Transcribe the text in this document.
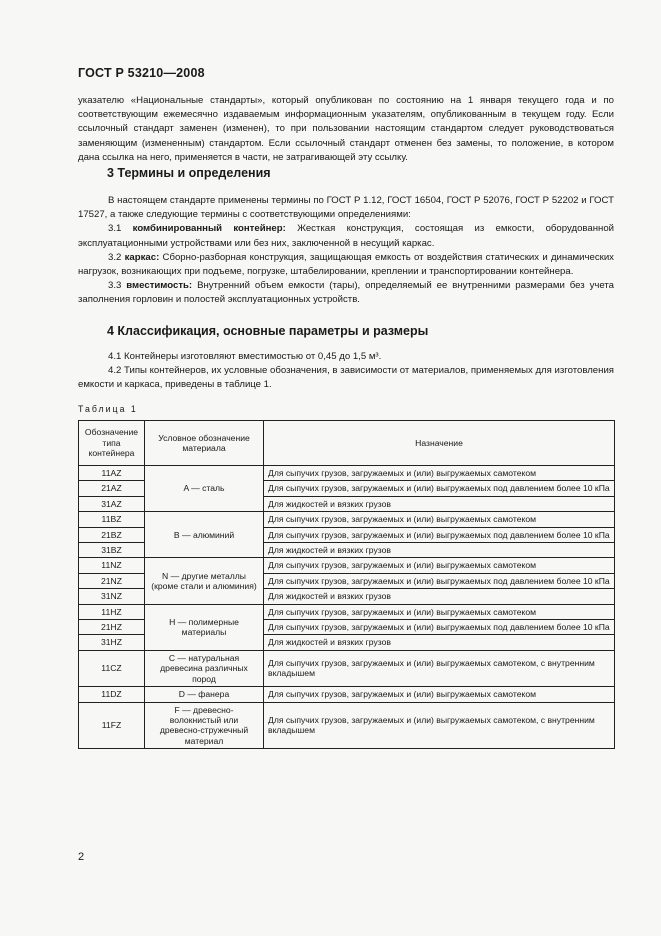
ГОСТ Р 53210—2008

указателю «Национальные стандарты», который опубликован по состоянию на 1 января текущего года и по соответствующим ежемесячно издаваемым информационным указателям, опубликованным в текущем году. Если ссылочный стандарт заменен (изменен), то при пользовании настоящим стандартом следует руководствоваться заменяющим (измененным) стандартом. Если ссылочный стандарт отменен без замены, то положение, в котором дана ссылка на него, применяется в части, не затрагивающей эту ссылку.

3 Термины и определения

В настоящем стандарте применены термины по ГОСТ Р 1.12, ГОСТ 16504, ГОСТ Р 52076, ГОСТ Р 52202 и ГОСТ 17527, а также следующие термины с соответствующими определениями:

3.1 комбинированный контейнер: Жесткая конструкция, состоящая из емкости, оборудованной эксплуатационными устройствами или без них, заключенной в несущий каркас.

3.2 каркас: Сборно-разборная конструкция, защищающая емкость от воздействия статических и динамических нагрузок, возникающих при подъеме, погрузке, штабелировании, креплении и транспортировании контейнера.

3.3 вместимость: Внутренний объем емкости (тары), определяемый ее внутренними размерами без учета заполнения горловин и полостей эксплуатационных устройств.

4 Классификация, основные параметры и размеры

4.1 Контейнеры изготовляют вместимостью от 0,45 до 1,5 м³.

4.2 Типы контейнеров, их условные обозначения, в зависимости от материалов, применяемых для изготовления емкости и каркаса, приведены в таблице 1.

Таблица 1
Обозначение типа контейнера	Условное обозначение материала	Назначение
11AZ	A — сталь	Для сыпучих грузов, загружаемых и (или) выгружаемых самотеком
21AZ		Для сыпучих грузов, загружаемых и (или) выгружаемых под давлением более 10 кПа
31AZ		Для жидкостей и вязких грузов
11BZ	B — алюминий	Для сыпучих грузов, загружаемых и (или) выгружаемых самотеком
21BZ		Для сыпучих грузов, загружаемых и (или) выгружаемых под давлением более 10 кПа
31BZ		Для жидкостей и вязких грузов
11NZ	N — другие металлы (кроме стали и алюминия)	Для сыпучих грузов, загружаемых и (или) выгружаемых самотеком
21NZ		Для сыпучих грузов, загружаемых и (или) выгружаемых под давлением более 10 кПа
31NZ		Для жидкостей и вязких грузов
11HZ	H — полимерные материалы	Для сыпучих грузов, загружаемых и (или) выгружаемых самотеком
21HZ		Для сыпучих грузов, загружаемых и (или) выгружаемых под давлением более 10 кПа
31HZ		Для жидкостей и вязких грузов
11CZ	C — натуральная древесина различных пород	Для сыпучих грузов, загружаемых и (или) выгружаемых самотеком, с внутренним вкладышем
11DZ	D — фанера	Для сыпучих грузов, загружаемых и (или) выгружаемых самотеком
11FZ	F — древесно-волокнистый или древесно-стружечный материал	Для сыпучих грузов, загружаемых и (или) выгружаемых самотеком, с внутренним вкладышем
2
